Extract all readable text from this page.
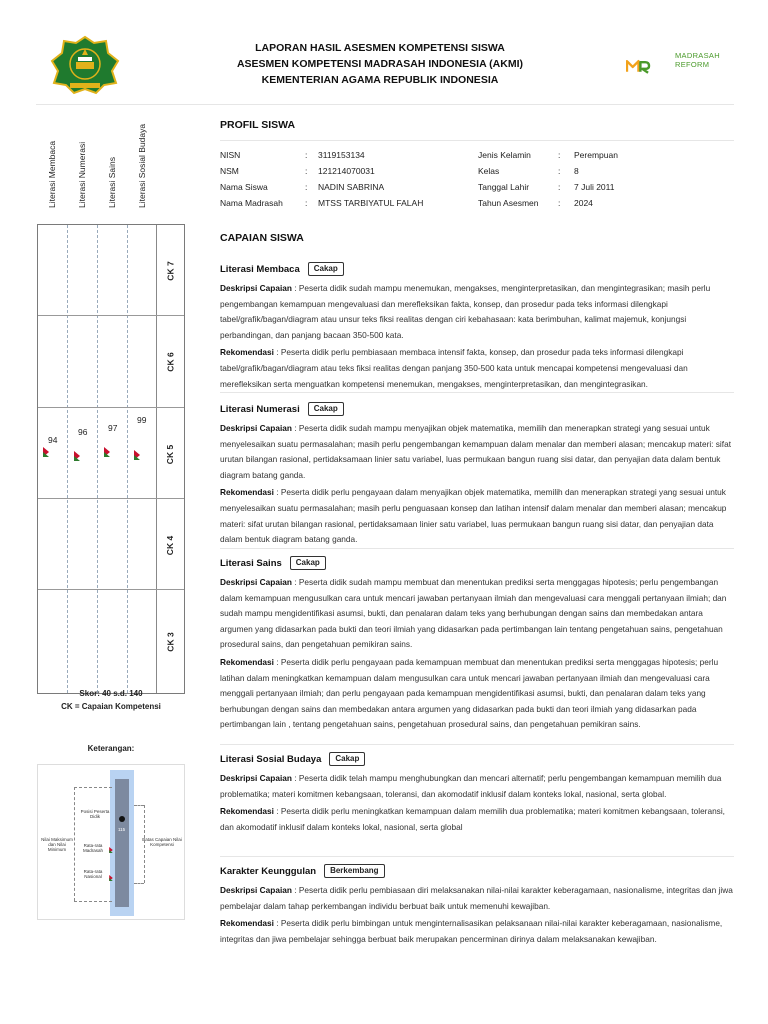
LAPORAN HASIL ASESMEN KOMPETENSI SISWA
ASESMEN KOMPETENSI MADRASAH INDONESIA (AKMI)
KEMENTERIAN AGAMA REPUBLIK INDONESIA
MADRASAH
REFORM
Literasi Membaca Literasi Numerasi Literasi Sains Literasi Sosial Budaya
CK 7
CK 6
CK 5
CK 4
CK 3
94
96 97
99
Skor: 40 s.d. 140
CK = Capaian Kompetensi
Keterangan:
115
Posisi Peserta Didik
Rata-rata Madrasah
Rata-rata Nasional
Nilai Maksimum dan Nilai Minimum
Batas Capaian Nilai Kompetensi
PROFIL SISWA
NISN	: 3119153134	Jenis Kelamin	: Perempuan
NSM	: 121214070031	Kelas	: 8
Nama Siswa	: NADIN SABRINA	Tanggal Lahir	: 7 Juli 2011
Nama Madrasah	: MTSS TARBIYATUL FALAH	Tahun Asesmen : 2024
CAPAIAN SISWA
Literasi Membaca	Cakap
Deskripsi Capaian : Peserta didik sudah mampu menemukan, mengakses, menginterpretasikan, dan mengintegrasikan; masih perlu pengembangan kemampuan mengevaluasi dan merefleksikan fakta, konsep, dan prosedur pada teks informasi dilengkapi tabel/grafik/bagan/diagram atau unsur teks fiksi realitas dengan ciri kebahasaan: kata berimbuhan, kalimat majemuk, konjungsi perbandingan, dan panjang bacaan 350-500 kata.
Rekomendasi : Peserta didik perlu pembiasaan membaca intensif fakta, konsep, dan prosedur pada teks informasi dilengkapi tabel/grafik/bagan/diagram atau teks fiksi realitas dengan panjang 350-500 kata untuk mencapai kompetensi mengevaluasi dan merefleksikan serta menguatkan kompetensi menemukan, mengakses, menginterpretasikan, dan mengintegrasikan.
Literasi Numerasi	Cakap
Deskripsi Capaian : Peserta didik sudah mampu menyajikan objek matematika, memilih dan menerapkan strategi yang sesuai untuk menyelesaikan suatu permasalahan; masih perlu pengembangan kemampuan dalam menalar dan memberi alasan; mencakup materi: sifat urutan bilangan rasional, pertidaksamaan linier satu variabel, luas permukaan bangun ruang sisi datar, dan penyajian data dalam bentuk diagram batang ganda.
Rekomendasi : Peserta didik perlu pengayaan dalam menyajikan objek matematika, memilih dan menerapkan strategi yang sesuai untuk menyelesaikan suatu permasalahan; masih perlu penguasaan konsep dan latihan intensif dalam menalar dan memberi alasan; mencakup materi: sifat urutan bilangan rasional, pertidaksamaan linier satu variabel, luas permukaan bangun ruang sisi datar, dan penyajian data dalam bentuk diagram batang ganda.
Literasi Sains	Cakap
Deskripsi Capaian : Peserta didik sudah mampu membuat dan menentukan prediksi serta menggagas hipotesis; perlu pengembangan dalam kemampuan mengusulkan cara untuk mencari jawaban pertanyaan ilmiah dan mengevaluasi cara menggali pertanyaan ilmiah; dan sudah mampu mengidentifikasi asumsi, bukti, dan penalaran dalam teks yang berhubungan dengan sains dan membedakan antara argumen yang didasarkan pada bukti dan teori ilmiah yang didasarkan pada pertimbangan lain tentang pengetahuan sains, pengetahuan prosedural sains, dan pengetahuan pemikiran sains.
Rekomendasi : Peserta didik perlu pengayaan pada kemampuan membuat dan menentukan prediksi serta menggagas hipotesis; perlu latihan dalam meningkatkan kemampuan dalam mengusulkan cara untuk mencari jawaban pertanyaan ilmiah dan mengevaluasi cara menggali pertanyaan ilmiah; dan perlu pengayaan pada kemampuan mengidentifikasi asumsi, bukti, dan penalaran dalam teks yang berhubungan dengan sains dan membedakan antara argumen yang didasarkan pada bukti dan teori ilmiah yang didasarkan pada pertimbangan lain , tentang pengetahuan sains, pengetahuan prosedural sains, dan pengetahuan pemikiran sains.
Literasi Sosial Budaya	Cakap
Deskripsi Capaian : Peserta didik telah mampu menghubungkan dan mencari alternatif; perlu pengembangan kemampuan memilih dua problematika; materi komitmen kebangsaan, toleransi, dan akomodatif inklusif dalam konteks lokal, nasional, serta global.
Rekomendasi : Peserta didik perlu meningkatkan kemampuan dalam memilih dua problematika; materi komitmen kebangsaan, toleransi, dan akomodatif inklusif dalam konteks lokal, nasional, serta global
Karakter Keunggulan	Berkembang
Deskripsi Capaian : Peserta didik perlu pembiasaan diri melaksanakan nilai-nilai karakter keberagamaan, nasionalisme, integritas dan jiwa pembelajar dalam tahap perkembangan individu berbuat baik untuk memenuhi kewajiban.
Rekomendasi : Peserta didik perlu bimbingan untuk menginternalisasikan pelaksanaan nilai-nilai karakter keberagamaan, nasionalisme, integritas dan jiwa pembelajar sehingga berbuat baik merupakan pencerminan dirinya dalam melaksanakan kewajiban.
